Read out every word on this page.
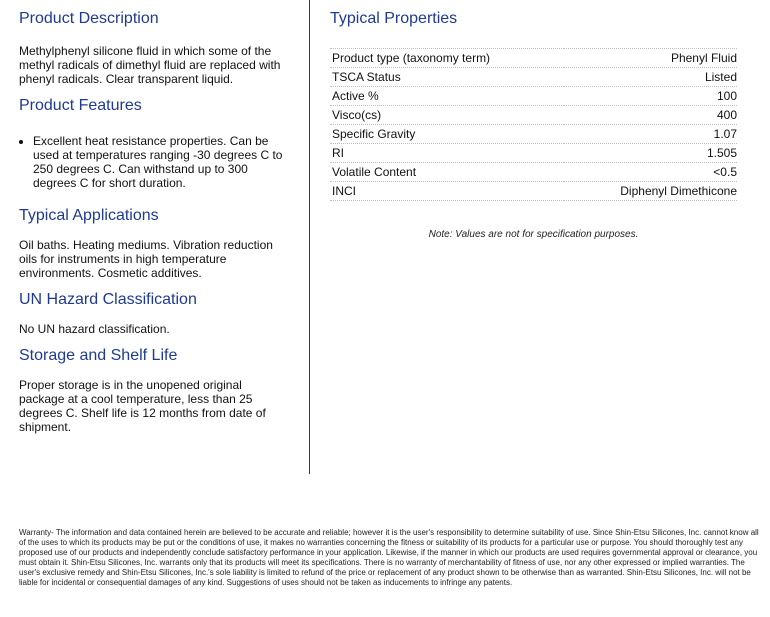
Product Description

Methylphenyl silicone fluid in which some of the methyl radicals of dimethyl fluid are replaced with phenyl radicals. Clear transparent liquid.

Product Features
• Excellent heat resistance properties. Can be used at temperatures ranging -30 degrees C to 250 degrees C. Can withstand up to 300 degrees C for short duration.
Typical Applications

Oil baths. Heating mediums. Vibration reduction oils for instruments in high temperature environments. Cosmetic additives.

UN Hazard Classification

No UN hazard classification.

Storage and Shelf Life

Proper storage is in the unopened original package at a cool temperature, less than 25 degrees C. Shelf life is 12 months from date of shipment.

Typical Properties
Product type (taxonomy term)	Phenyl Fluid
TSCA Status	Listed
Active %	100
Visco(cs)	400
Specific Gravity	1.07
RI	1.505
Volatile Content	<0.5
INCI	Diphenyl Dimethicone
Note: Values are not for specification purposes.

Warranty- The information and data contained herein are believed to be accurate and reliable; however it is the user's responsibility to determine suitability of use. Since Shin-Etsu Silicones, Inc. cannot know all of the uses to which its products may be put or the conditions of use, it makes no warranties concerning the fitness or suitability of its products for a particular use or purpose. You should thoroughly test any proposed use of our products and independently conclude satisfactory performance in your application. Likewise, if the manner in which our products are used requires governmental approval or clearance, you must obtain it. Shin-Etsu Silicones, Inc. warrants only that its products will meet its specifications. There is no warranty of merchantability of fitness of use, nor any other expressed or implied warranties. The user's exclusive remedy and Shin-Etsu Silicones, Inc.'s sole liability is limited to refund of the price or replacement of any product shown to be otherwise than as warranted. Shin-Etsu Silicones, Inc. will not be liable for incidental or consequential damages of any kind. Suggestions of uses should not be taken as inducements to infringe any patents.
